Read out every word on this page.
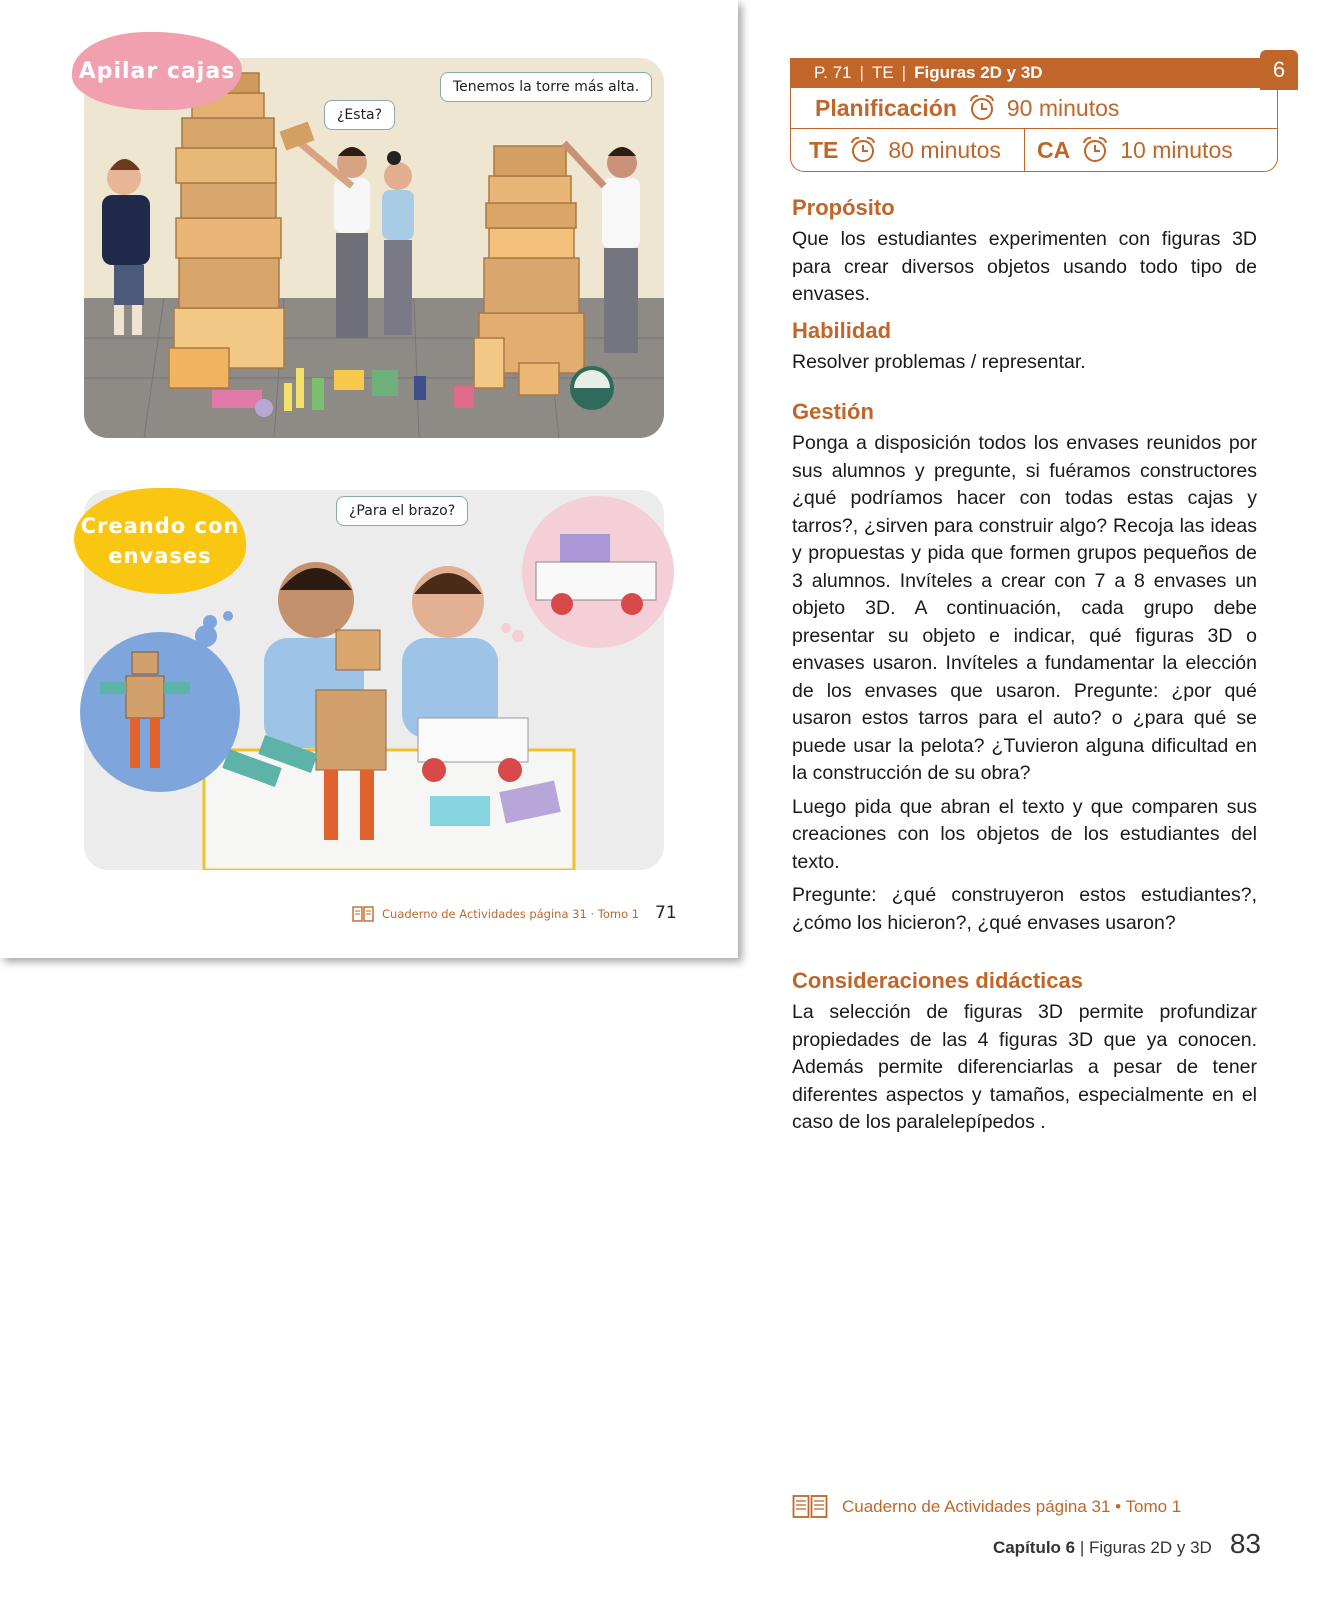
Apilar cajas
¿Esta?
Tenemos la torre más alta.
Creando con
envases
¿Para el brazo?
Cuaderno de Actividades página 31 · Tomo 1 71
P. 71 | TE | Figuras 2D y 3D	6
Planificación 90 minutos
TE 80 minutos CA 10 minutos
Propósito

Que los estudiantes experimenten con figuras 3D para crear diversos objetos usando todo tipo de envases.

Habilidad

Resolver problemas / representar.

Gestión

Ponga a disposición todos los envases reunidos por sus alumnos y pregunte, si fuéramos constructores ¿qué podríamos hacer con todas estas cajas y tarros?, ¿sirven para construir algo? Recoja las ideas y propuestas y pida que formen grupos pequeños de 3 alumnos. Invíteles a crear con 7 a 8 envases un objeto 3D. A continuación, cada grupo debe presentar su objeto e indicar, qué figuras 3D o envases usaron. Invíteles a fundamentar la elección de los envases que usaron. Pregunte: ¿por qué usaron estos tarros para el auto? o ¿para qué se puede usar la pelota? ¿Tuvieron alguna dificultad en la construcción de su obra?

Luego pida que abran el texto y que comparen sus creaciones con los objetos de los estudiantes del texto.

Pregunte: ¿qué construyeron estos estudiantes?, ¿cómo los hicieron?, ¿qué envases usaron?

Consideraciones didácticas

La selección de figuras 3D permite profundizar propiedades de las 4 figuras 3D que ya conocen. Además permite diferenciarlas a pesar de tener diferentes aspectos y tamaños, especialmente en el caso de los paralelepípedos .

Cuaderno de Actividades página 31 • Tomo 1
Capítulo 6 | Figuras 2D y 3D 83
